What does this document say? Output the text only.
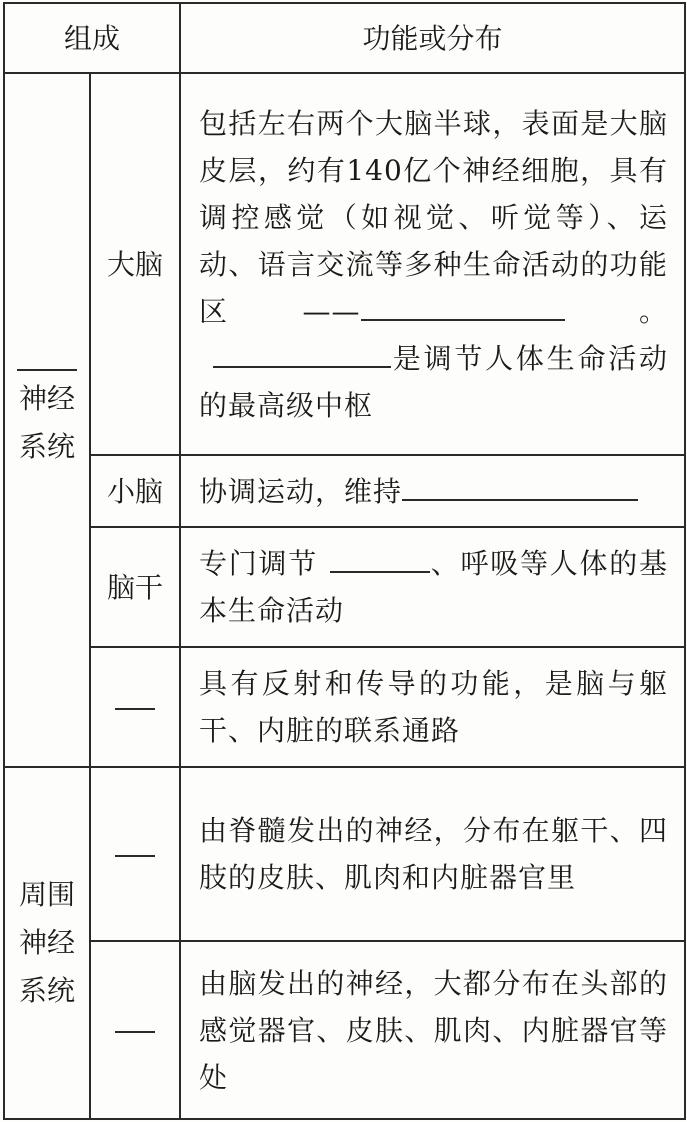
组成		功能或分布

神经
系统	大脑	包括左右两个大脑半球，表面是大脑皮层，约有140亿个神经细胞，具有调控感觉（如视觉、听觉等）、运动、语言交流等多种生命活动的功能区—— 。是调节人体生命活动的最高级中枢
	小脑	协调运动，维持
	脑干	专门调节 、呼吸等人体的基本生命活动
		具有反射和传导的功能，是脑与躯干、内脏的联系通路

周围
神经
系统		由脊髓发出的神经，分布在躯干、四肢的皮肤、肌肉和内脏器官里
		由脑发出的神经，大都分布在头部的感觉器官、皮肤、肌肉、内脏器官等处
